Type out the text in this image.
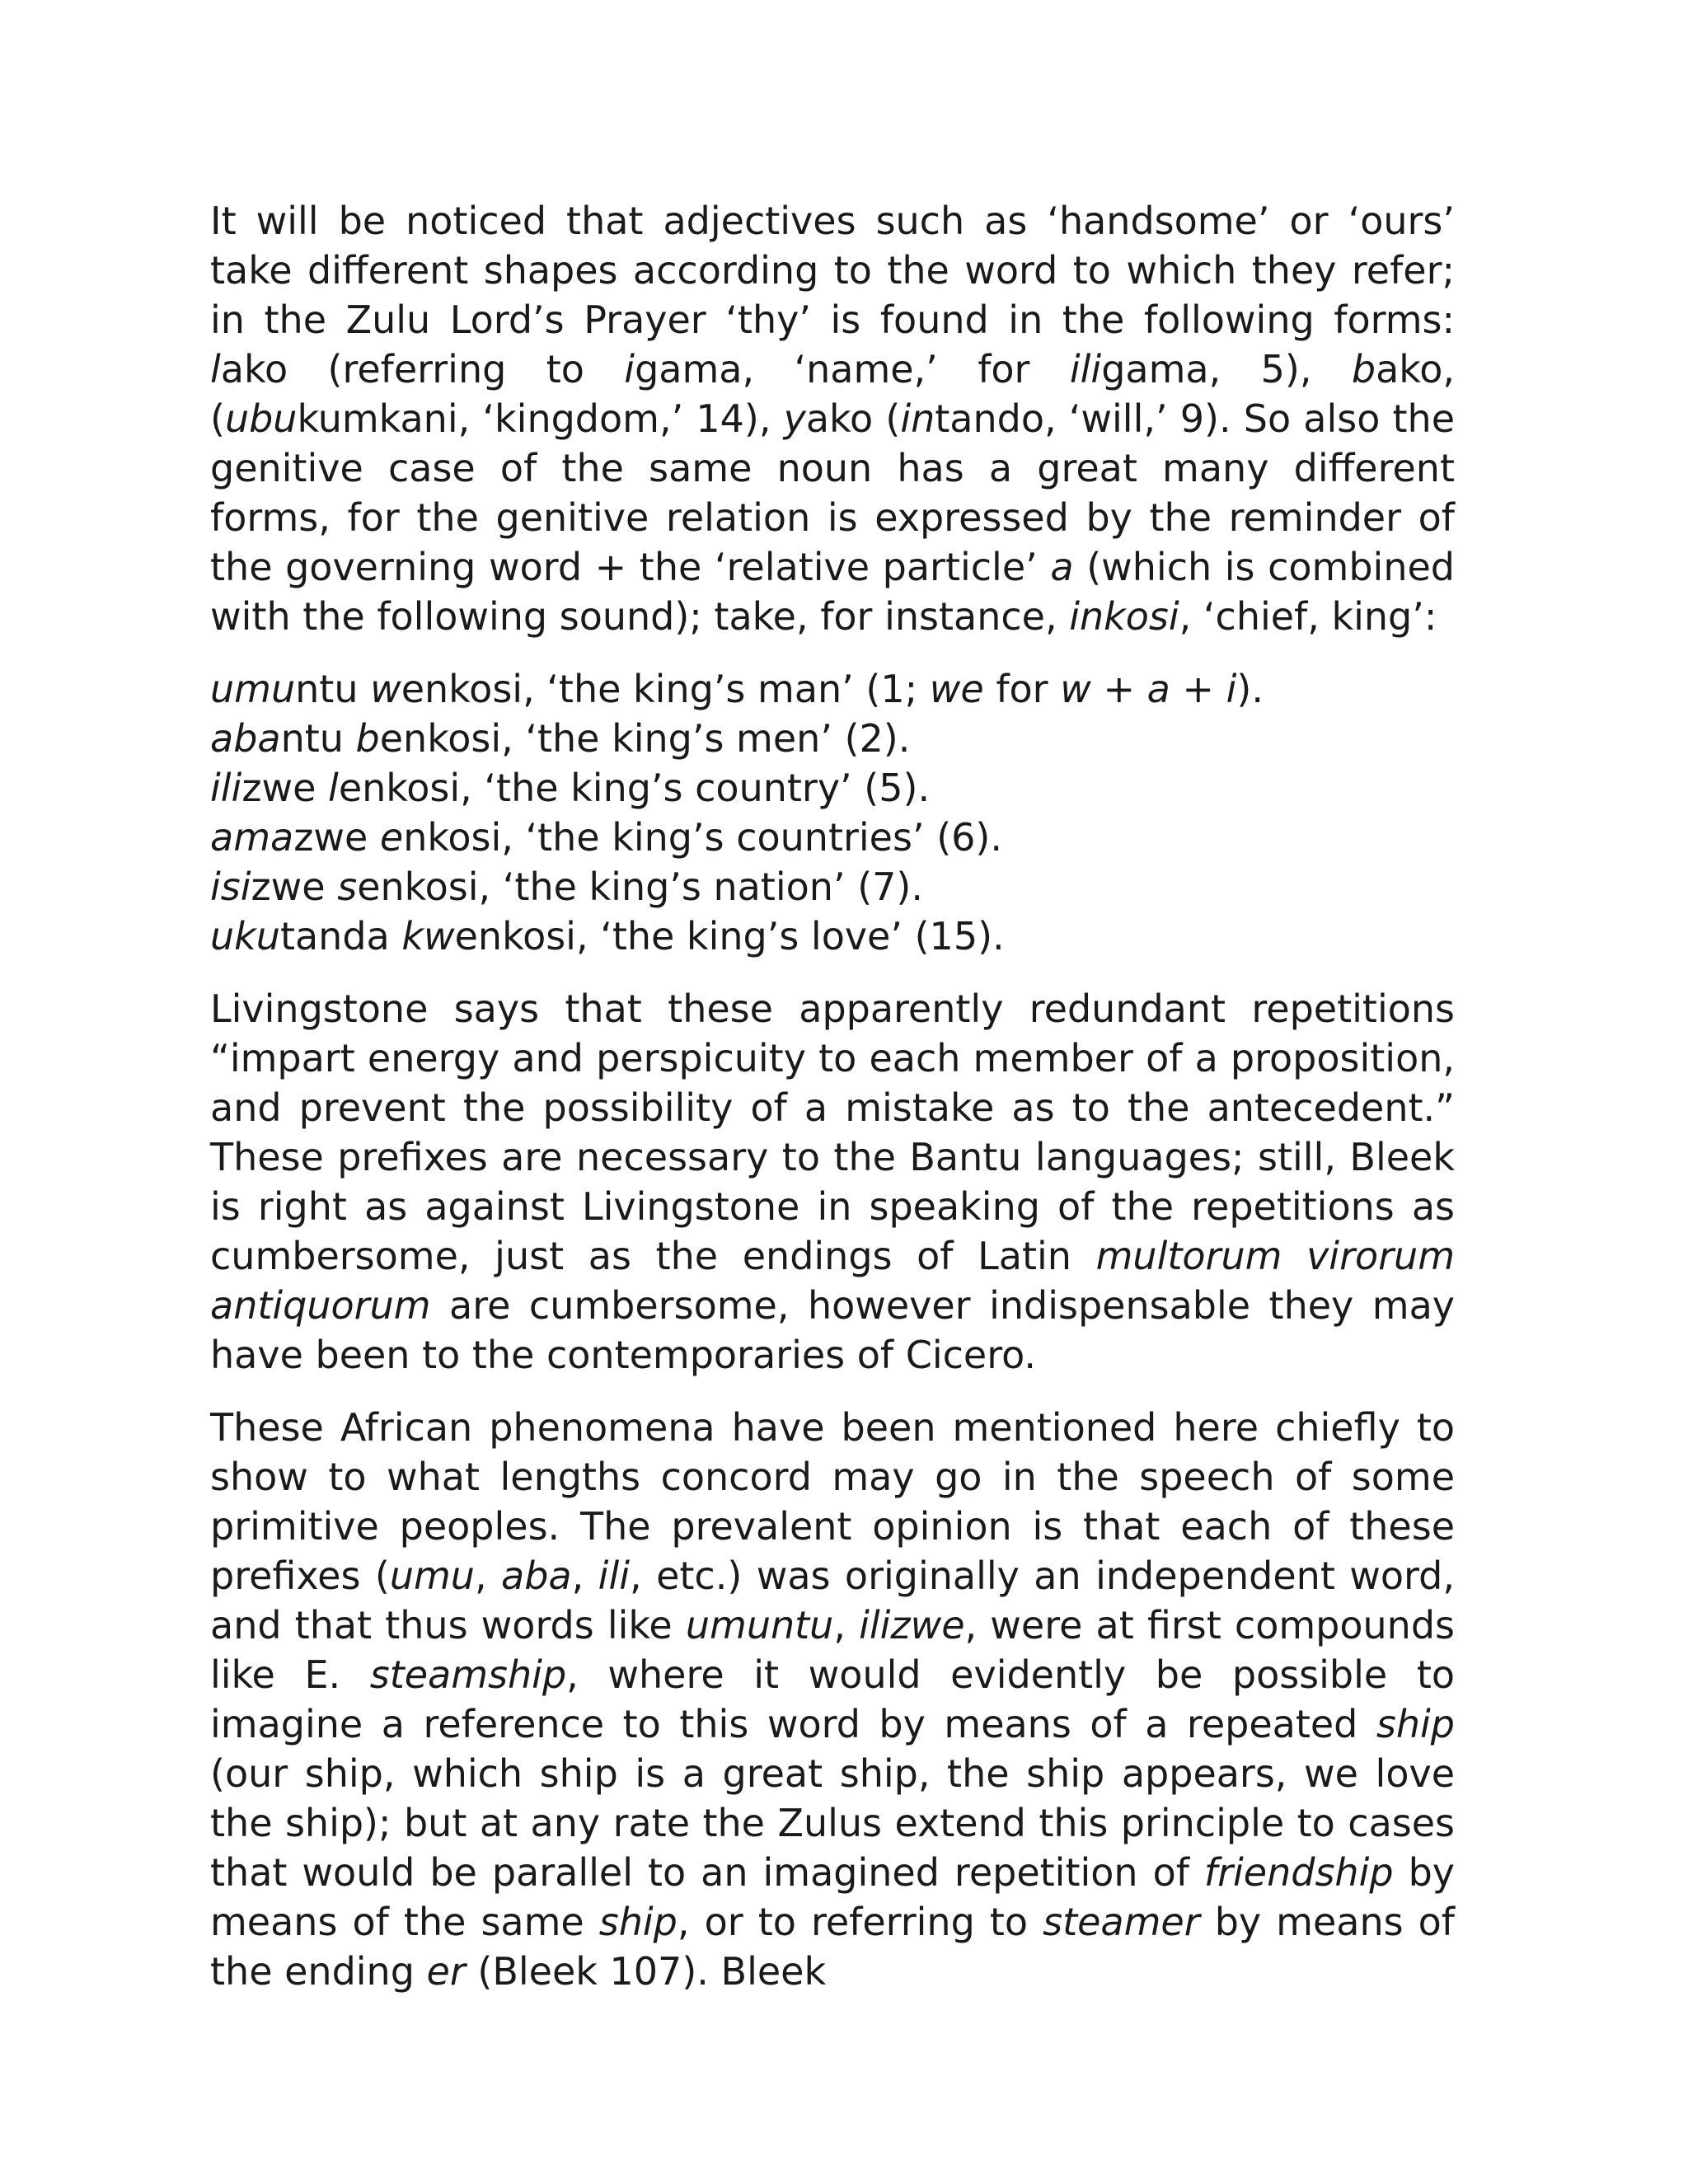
It will be noticed that adjectives such as ‘handsome’ or ‘ours’ take different shapes according to the word to which they refer; in the Zulu Lord’s Prayer ‘thy’ is found in the following forms: lako (referring to igama, ‘name,’ for iligama, 5), bako, (ubukumkani, ‘kingdom,’ 14), yako (intando, ‘will,’ 9). So also the genitive case of the same noun has a great many different forms, for the genitive relation is expressed by the reminder of the governing word + the ‘relative particle’ a (which is combined with the following sound); take, for instance, inkosi, ‘chief, king’:

umuntu wenkosi, ‘the king’s man’ (1; we for w + a + i).
abantu benkosi, ‘the king’s men’ (2).
ilizwe lenkosi, ‘the king’s country’ (5).
amazwe enkosi, ‘the king’s countries’ (6).
isizwe senkosi, ‘the king’s nation’ (7).
ukutanda kwenkosi, ‘the king’s love’ (15).

Livingstone says that these apparently redundant repetitions “impart energy and perspicuity to each member of a proposition, and prevent the possibility of a mistake as to the antecedent.” These prefixes are necessary to the Bantu languages; still, Bleek is right as against Livingstone in speaking of the repetitions as cumbersome, just as the endings of Latin multorum virorum antiquorum are cumbersome, however indispensable they may have been to the contemporaries of Cicero.

These African phenomena have been mentioned here chiefly to show to what lengths concord may go in the speech of some primitive peoples. The prevalent opinion is that each of these prefixes (umu, aba, ili, etc.) was originally an independent word, and that thus words like umuntu, ilizwe, were at first compounds like E. steamship, where it would evidently be possible to imagine a reference to this word by means of a repeated ship (our ship, which ship is a great ship, the ship appears, we love the ship); but at any rate the Zulus extend this principle to cases that would be parallel to an imagined repetition of friendship by means of the same ship, or to referring to steamer by means of the ending er (Bleek 107). Bleek
